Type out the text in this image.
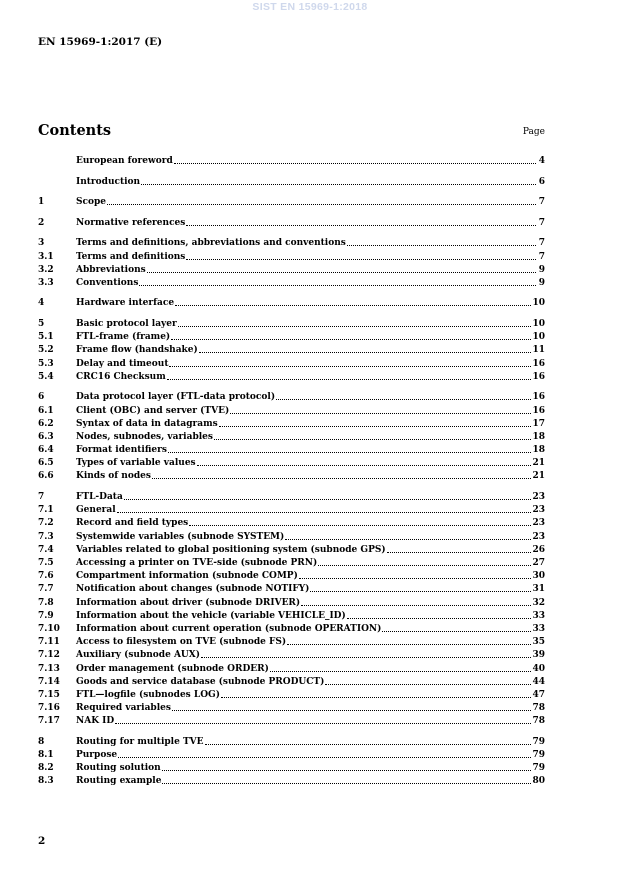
SIST EN 15969-1:2018
EN 15969-1:2017 (E)
Contents	Page
European foreword	4
Introduction	6
1	Scope	7
2	Normative references	7
3	Terms and definitions, abbreviations and conventions	7
3.1	Terms and definitions	7
3.2	Abbreviations	9
3.3	Conventions	9
4	Hardware interface	10
5	Basic protocol layer	10
5.1	FTL-frame (frame)	10
5.2	Frame flow (handshake)	11
5.3	Delay and timeout	16
5.4	CRC16 Checksum	16
6	Data protocol layer (FTL-data protocol)	16
6.1	Client (OBC) and server (TVE)	16
6.2	Syntax of data in datagrams	17
6.3	Nodes, subnodes, variables	18
6.4	Format identifiers	18
6.5	Types of variable values	21
6.6	Kinds of nodes	21
7	FTL-Data	23
7.1	General	23
7.2	Record and field types	23
7.3	Systemwide variables (subnode SYSTEM)	23
7.4	Variables related to global positioning system (subnode GPS)	26
7.5	Accessing a printer on TVE-side (subnode PRN)	27
7.6	Compartment information (subnode COMP)	30
7.7	Notification about changes (subnode NOTIFY)	31
7.8	Information about driver (subnode DRIVER)	32
7.9	Information about the vehicle (variable VEHICLE_ID)	33
7.10	Information about current operation (subnode OPERATION)	33
7.11	Access to filesystem on TVE (subnode FS)	35
7.12	Auxiliary (subnode AUX)	39
7.13	Order management (subnode ORDER)	40
7.14	Goods and service database (subnode PRODUCT)	44
7.15	FTL—logfile (subnodes LOG)	47
7.16	Required variables	78
7.17	NAK ID	78
8	Routing for multiple TVE	79
8.1	Purpose	79
8.2	Routing solution	79
8.3	Routing example	80
2
